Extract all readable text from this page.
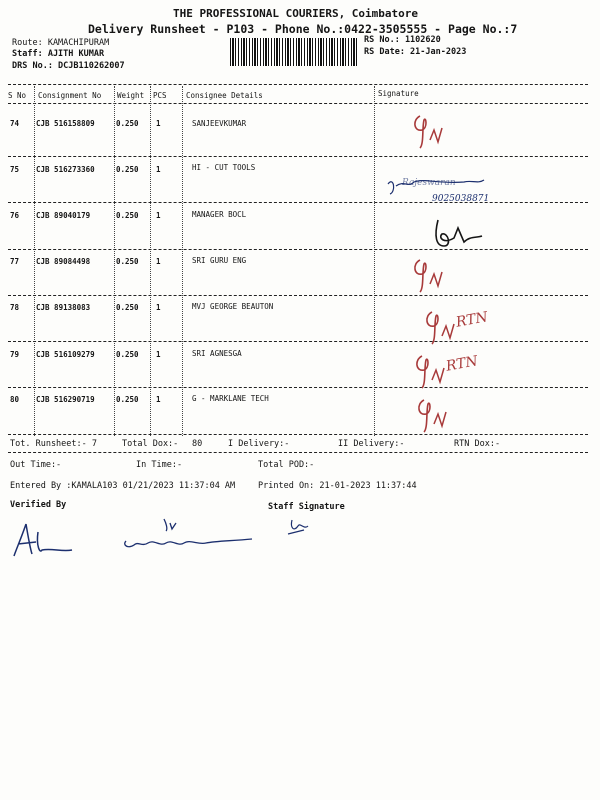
THE PROFESSIONAL COURIERS, Coimbatore
Delivery Runsheet - P103 - Phone No.:0422-3505555 - Page No.:7
Route: KAMACHIPURAM
Staff: AJITH KUMAR
DRS No.: DCJB110262007
RS No.: 1102620
RS Date: 21-Jan-2023
S No Consignment No Weight PCS	Consignee Details	Signature
74 CJB 516158809	0.250 1	SANJEEVKUMAR
75 CJB 516273360	0.250 1	HI - CUT TOOLS
76 CJB 89040179	0.250 1	MANAGER BOCL
77 CJB 89084498	0.250 1	SRI GURU ENG
78 CJB 89138083	0.250 1	MVJ GEORGE BEAUTON
79 CJB 516109279	0.250 1	SRI AGNESGA
80 CJB 516290719	0.250 1	G - MARKLANE TECH
Rajeswaran
9025038871
RTN
RTN
Tot. Runsheet:- 7	Total Dox:- 80	I Delivery:-	II Delivery:-	RTN Dox:-
Out Time:-	In Time:-	Total POD:-
Entered By :KAMALA103 01/21/2023 11:37:04 AM	Printed On: 21-01-2023 11:37:44
Verified By	Staff Signature
